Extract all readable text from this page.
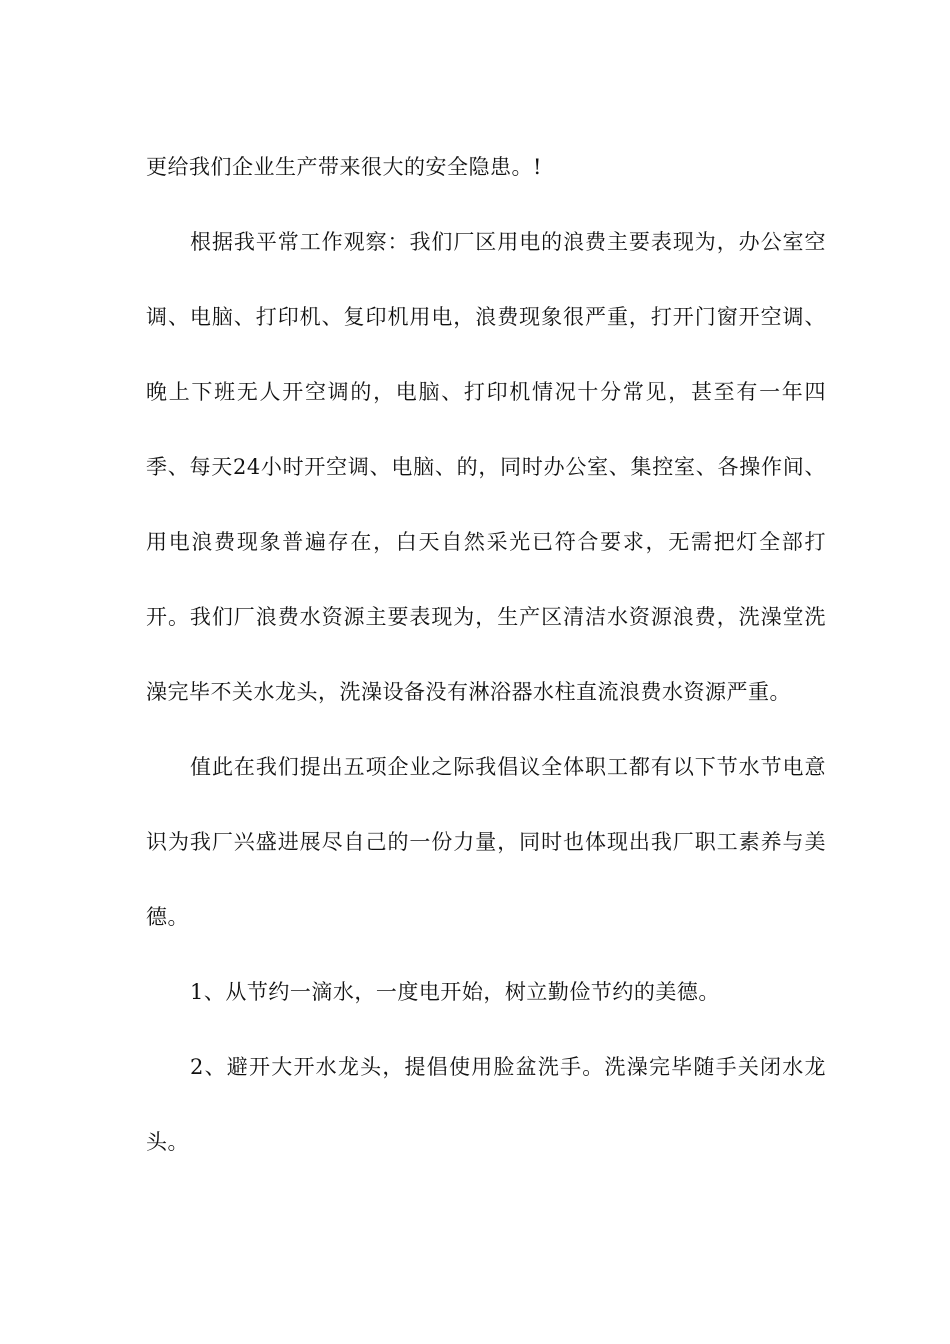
更给我们企业生产带来很大的安全隐患。!

根据我平常工作观察：我们厂区用电的浪费主要表现为，办公室空调、电脑、打印机、复印机用电，浪费现象很严重，打开门窗开空调、晚上下班无人开空调的，电脑、打印机情况十分常见，甚至有一年四季、每天24小时开空调、电脑、的，同时办公室、集控室、各操作间、用电浪费现象普遍存在，白天自然采光已符合要求，无需把灯全部打开。我们厂浪费水资源主要表现为，生产区清洁水资源浪费，洗澡堂洗澡完毕不关水龙头，洗澡设备没有淋浴器水柱直流浪费水资源严重。

值此在我们提出五项企业之际我倡议全体职工都有以下节水节电意识为我厂兴盛进展尽自己的一份力量，同时也体现出我厂职工素养与美德。

1、从节约一滴水，一度电开始，树立勤俭节约的美德。

2、避开大开水龙头，提倡使用脸盆洗手。洗澡完毕随手关闭水龙头。
